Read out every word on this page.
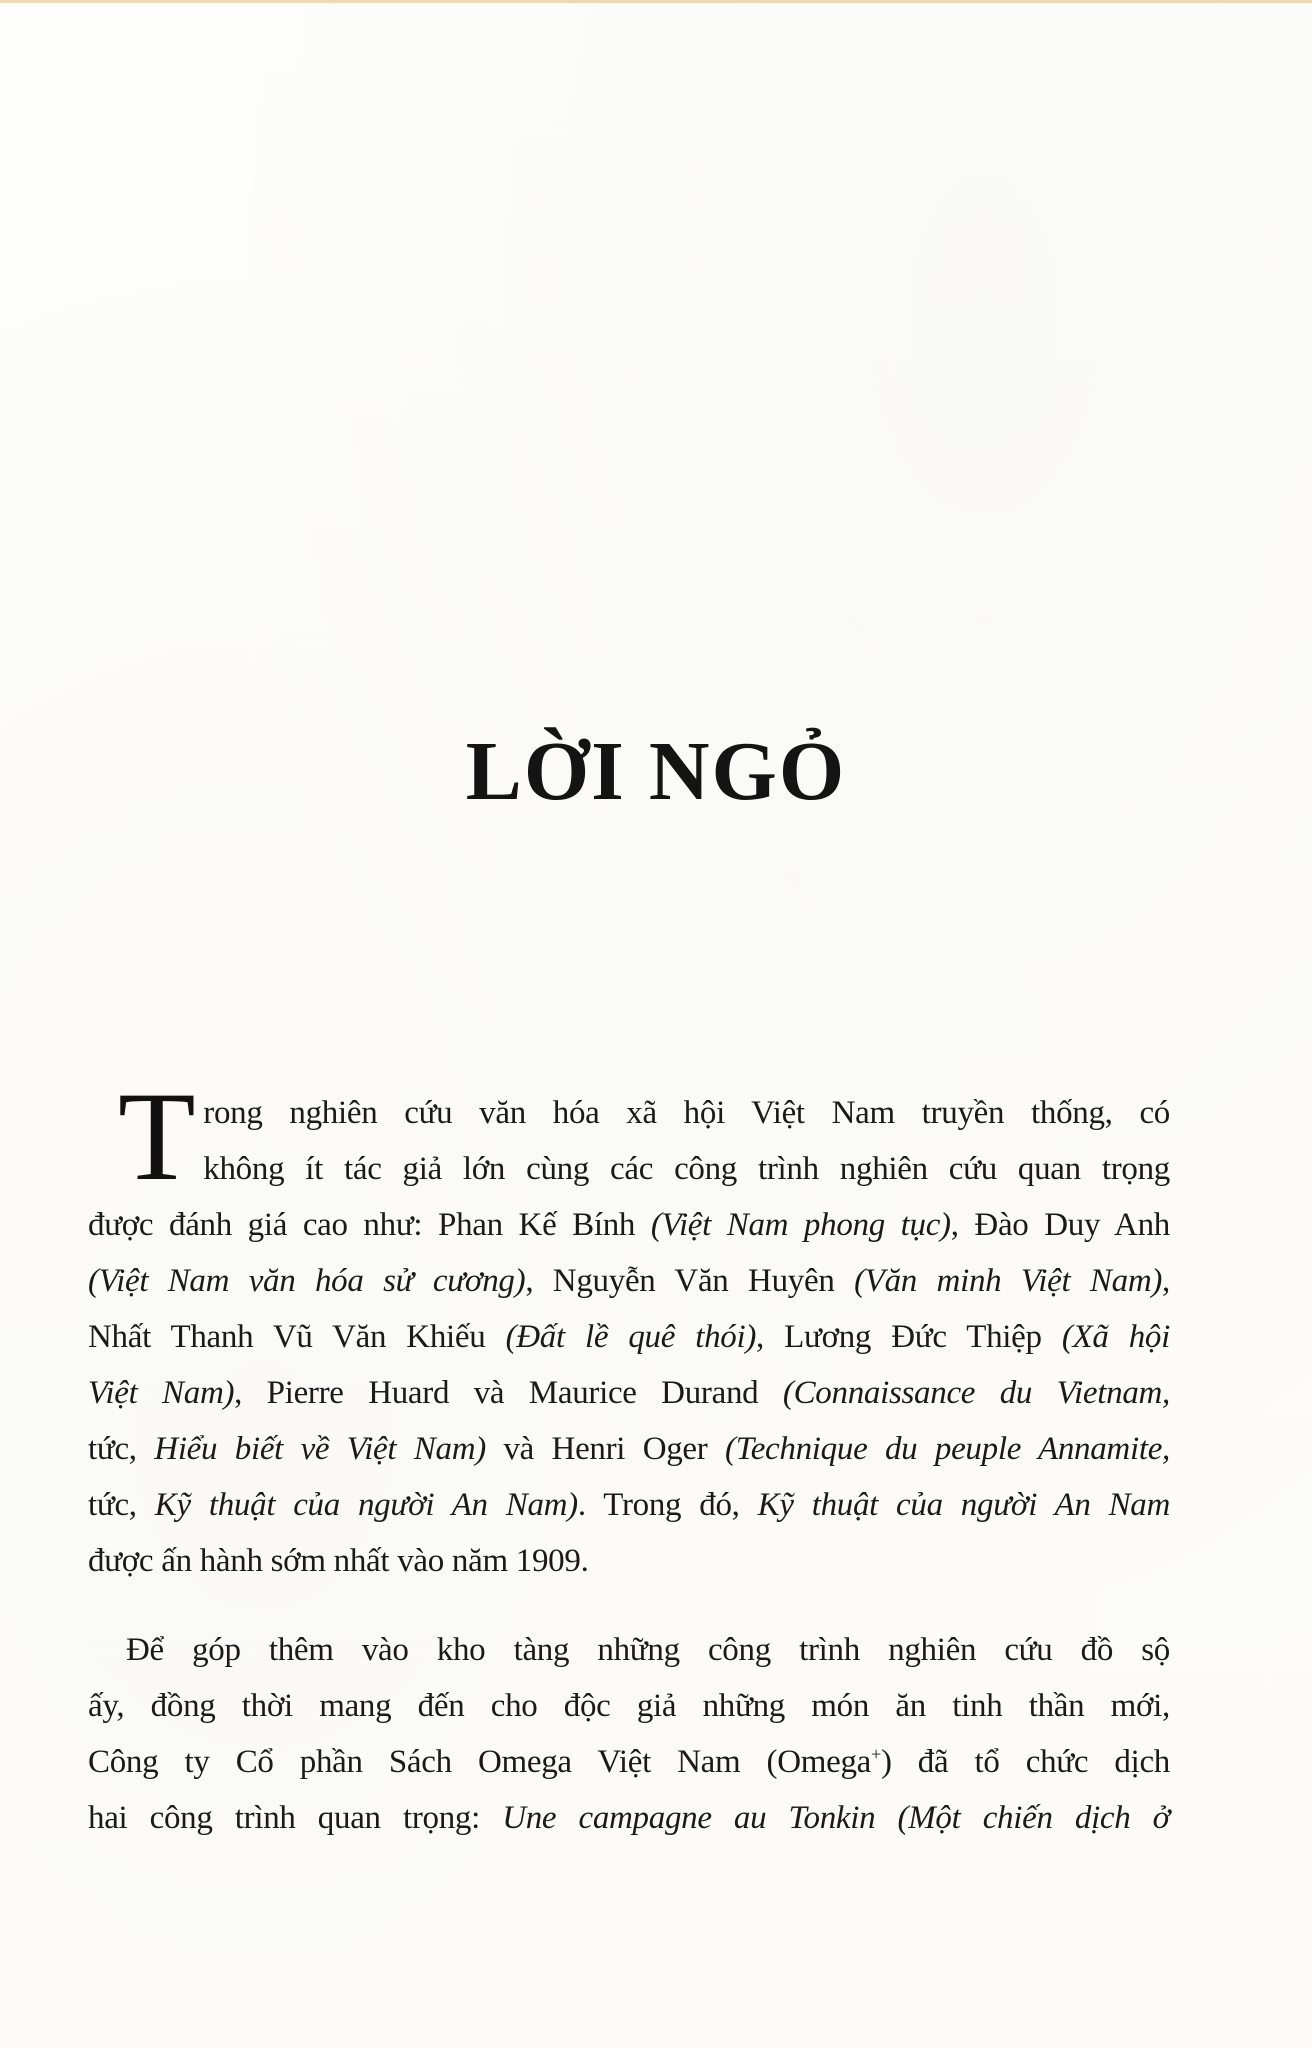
LỜI NGỎ
T rong nghiên cứu văn hóa xã hội Việt Nam truyền thống, có
không ít tác giả lớn cùng các công trình nghiên cứu quan trọng
được đánh giá cao như: Phan Kế Bính (Việt Nam phong tục), Đào Duy Anh
(Việt Nam văn hóa sử cương), Nguyễn Văn Huyên (Văn minh Việt Nam),
Nhất Thanh Vũ Văn Khiếu (Đất lề quê thói), Lương Đức Thiệp (Xã hội
Việt Nam), Pierre Huard và Maurice Durand (Connaissance du Vietnam,
tức, Hiểu biết về Việt Nam) và Henri Oger (Technique du peuple Annamite,
tức, Kỹ thuật của người An Nam). Trong đó, Kỹ thuật của người An Nam
được ấn hành sớm nhất vào năm 1909.
Để góp thêm vào kho tàng những công trình nghiên cứu đồ sộ
ấy, đồng thời mang đến cho độc giả những món ăn tinh thần mới,
Công ty Cổ phần Sách Omega Việt Nam (Omega+) đã tổ chức dịch
hai công trình quan trọng: Une campagne au Tonkin (Một chiến dịch ở
